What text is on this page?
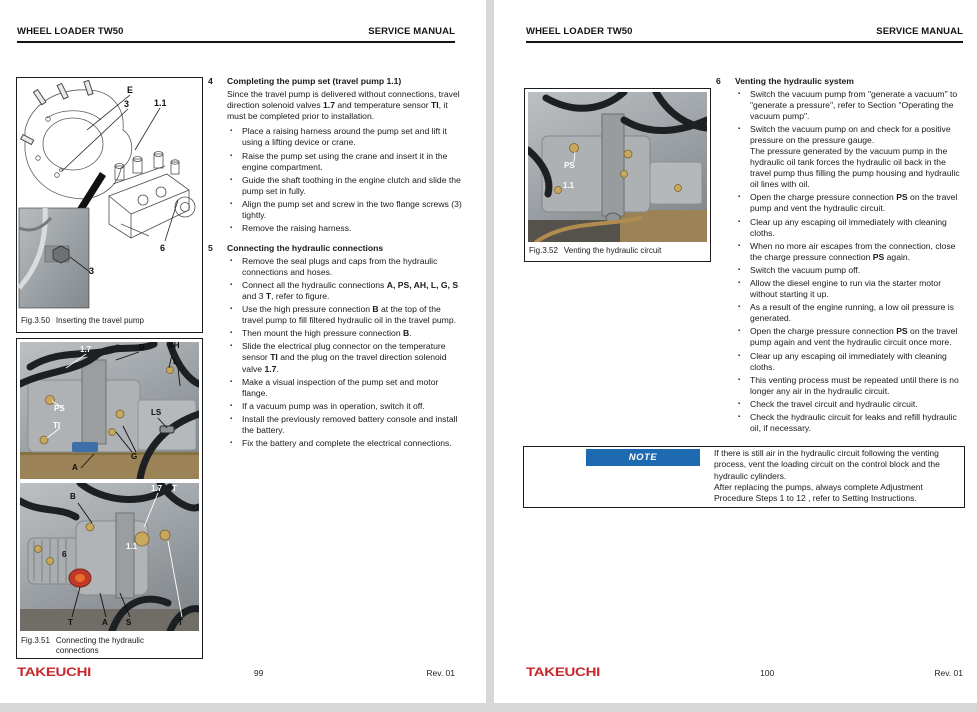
WHEEL LOADER TW50	SERVICE MANUAL
E
3	1.1
6
3
Fig.3.50 Inserting the travel pump
1.7	B	AH
L
PS
TI
LS
G
A
B
1.7 T
6
1.1
T	A S	T
Fig.3.51 Connecting the hydraulic connections
4	Completing the pump set (travel pump 1.1)
Since the travel pump is delivered without connections, travel direction solenoid valves 1.7 and temperature sensor TI, it must be completed prior to installation.
▪ Place a raising harness around the pump set and lift it using a lifting device or crane.
▪ Raise the pump set using the crane and insert it in the engine compartment.
▪ Guide the shaft toothing in the engine clutch and slide the pump set in fully.
▪ Align the pump set and screw in the two flange screws (3) tightly.
▪ Remove the raising harness.
5	Connecting the hydraulic connections
▪ Remove the seal plugs and caps from the hydraulic connections and hoses.
▪ Connect all the hydraulic connections A, PS, AH, L, G, S and 3 T, refer to figure.
▪ Use the high pressure connection B at the top of the travel pump to fill filtered hydraulic oil in the travel pump.
▪ Then mount the high pressure connection B.
▪ Slide the electrical plug connector on the temperature sensor TI and the plug on the travel direction solenoid valve 1.7.
▪ Make a visual inspection of the pump set and motor flange.
▪ If a vacuum pump was in operation, switch it off.
▪ Install the previously removed battery console and install the battery.
▪ Fix the battery and complete the electrical connections.
TAKEUCHI	99	Rev. 01
WHEEL LOADER TW50	SERVICE MANUAL
PS
1.1
Fig.3.52 Venting the hydraulic circuit
6	Venting the hydraulic system
▪ Switch the vacuum pump from "generate a vacuum" to "generate a pressure", refer to Section "Operating the vacuum pump".
▪ Switch the vacuum pump on and check for a positive pressure on the pressure gauge.
The pressure generated by the vacuum pump in the hydraulic oil tank forces the hydraulic oil back in the travel pump thus filling the pump housing and hydraulic oil lines with oil.
▪ Open the charge pressure connection PS on the travel pump and vent the hydraulic circuit.
▪ Clear up any escaping oil immediately with cleaning cloths.
▪ When no more air escapes from the connection, close the charge pressure connection PS again.
▪ Switch the vacuum pump off.
▪ Allow the diesel engine to run via the starter motor without starting it up.
▪ As a result of the engine running, a low oil pressure is generated.
▪ Open the charge pressure connection PS on the travel pump again and vent the hydraulic circuit once more.
▪ Clear up any escaping oil immediately with cleaning cloths.
▪ This venting process must be repeated until there is no longer any air in the hydraulic circuit.
▪ Check the travel circuit and hydraulic circuit.
▪ Check the hydraulic circuit for leaks and refill hydraulic oil, if necessary.
NOTE	If there is still air in the hydraulic circuit following the venting process, vent the loading circuit on the control block and the hydraulic cylinders.
After replacing the pumps, always complete Adjustment Procedure Steps 1 to 12 , refer to Setting Instructions.
TAKEUCHI	100	Rev. 01
